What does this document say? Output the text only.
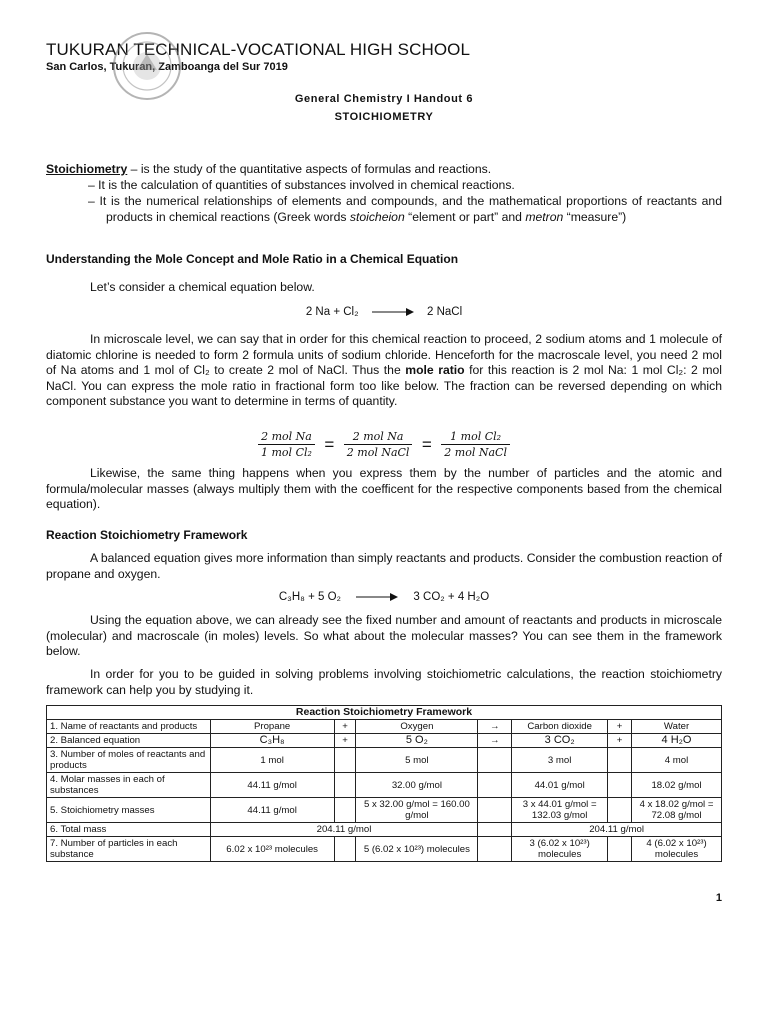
TUKURAN TECHNICAL-VOCATIONAL HIGH SCHOOL
San Carlos, Tukuran, Zamboanga del Sur 7019
General Chemistry I Handout 6
STOICHIOMETRY
Stoichiometry – is the study of the quantitative aspects of formulas and reactions.
– It is the calculation of quantities of substances involved in chemical reactions.
– It is the numerical relationships of elements and compounds, and the mathematical proportions of reactants and products in chemical reactions (Greek words stoicheion “element or part” and metron “measure”)
Understanding the Mole Concept and Mole Ratio in a Chemical Equation
Let’s consider a chemical equation below.
2 Na + Cl₂ → 2 NaCl
In microscale level, we can say that in order for this chemical reaction to proceed, 2 sodium atoms and 1 molecule of diatomic chlorine is needed to form 2 formula units of sodium chloride. Henceforth for the macroscale level, you need 2 mol of Na atoms and 1 mol of Cl₂ to create 2 mol of NaCl. Thus the mole ratio for this reaction is 2 mol Na: 1 mol Cl₂: 2 mol NaCl. You can express the mole ratio in fractional form too like below. The fraction can be reversed depending on which component substance you want to determine in terms of quantity.
$\frac{\text{2 mol Na}}{\text{1 mol Cl₂}} = \frac{\text{2 mol Na}}{\text{2 mol NaCl}} = \frac{\text{1 mol Cl₂}}{\text{2 mol NaCl}}$
Likewise, the same thing happens when you express them by the number of particles and the atomic and formula/molecular masses (always multiply them with the coefficent for the respective components based from the chemical equation).
Reaction Stoichiometry Framework
A balanced equation gives more information than simply reactants and products. Consider the combustion reaction of propane and oxygen.
C₃H₈ + 5 O₂ → 3 CO₂ + 4 H₂O
Using the equation above, we can already see the fixed number and amount of reactants and products in microscale (molecular) and macroscale (in moles) levels. So what about the molecular masses? You can see them in the framework below.
In order for you to be guided in solving problems involving stoichiometric calculations, the reaction stoichiometry framework can help you by studying it.
Reaction Stoichiometry Framework							
1. Name of reactants and products	Propane	+	Oxygen	→	Carbon dioxide	+	Water
2. Balanced equation	C₃H₈	+	5 O₂	→	3 CO₂	+	4 H₂O
3. Number of moles of reactants and products	1 mol		5 mol		3 mol		4 mol
4. Molar masses in each of substances	44.11 g/mol		32.00 g/mol		44.01 g/mol		18.02 g/mol
5. Stoichiometry masses	44.11 g/mol		5 x 32.00 g/mol = 160.00 g/mol		3 x 44.01 g/mol = 132.03 g/mol		4 x 18.02 g/mol = 72.08 g/mol
6. Total mass	204.11 g/mol				204.11 g/mol		
7. Number of particles in each substance	6.02 x 10²³ molecules		5 (6.02 x 10²³) molecules		3 (6.02 x 10²³) molecules		4 (6.02 x 10²³) molecules
1
